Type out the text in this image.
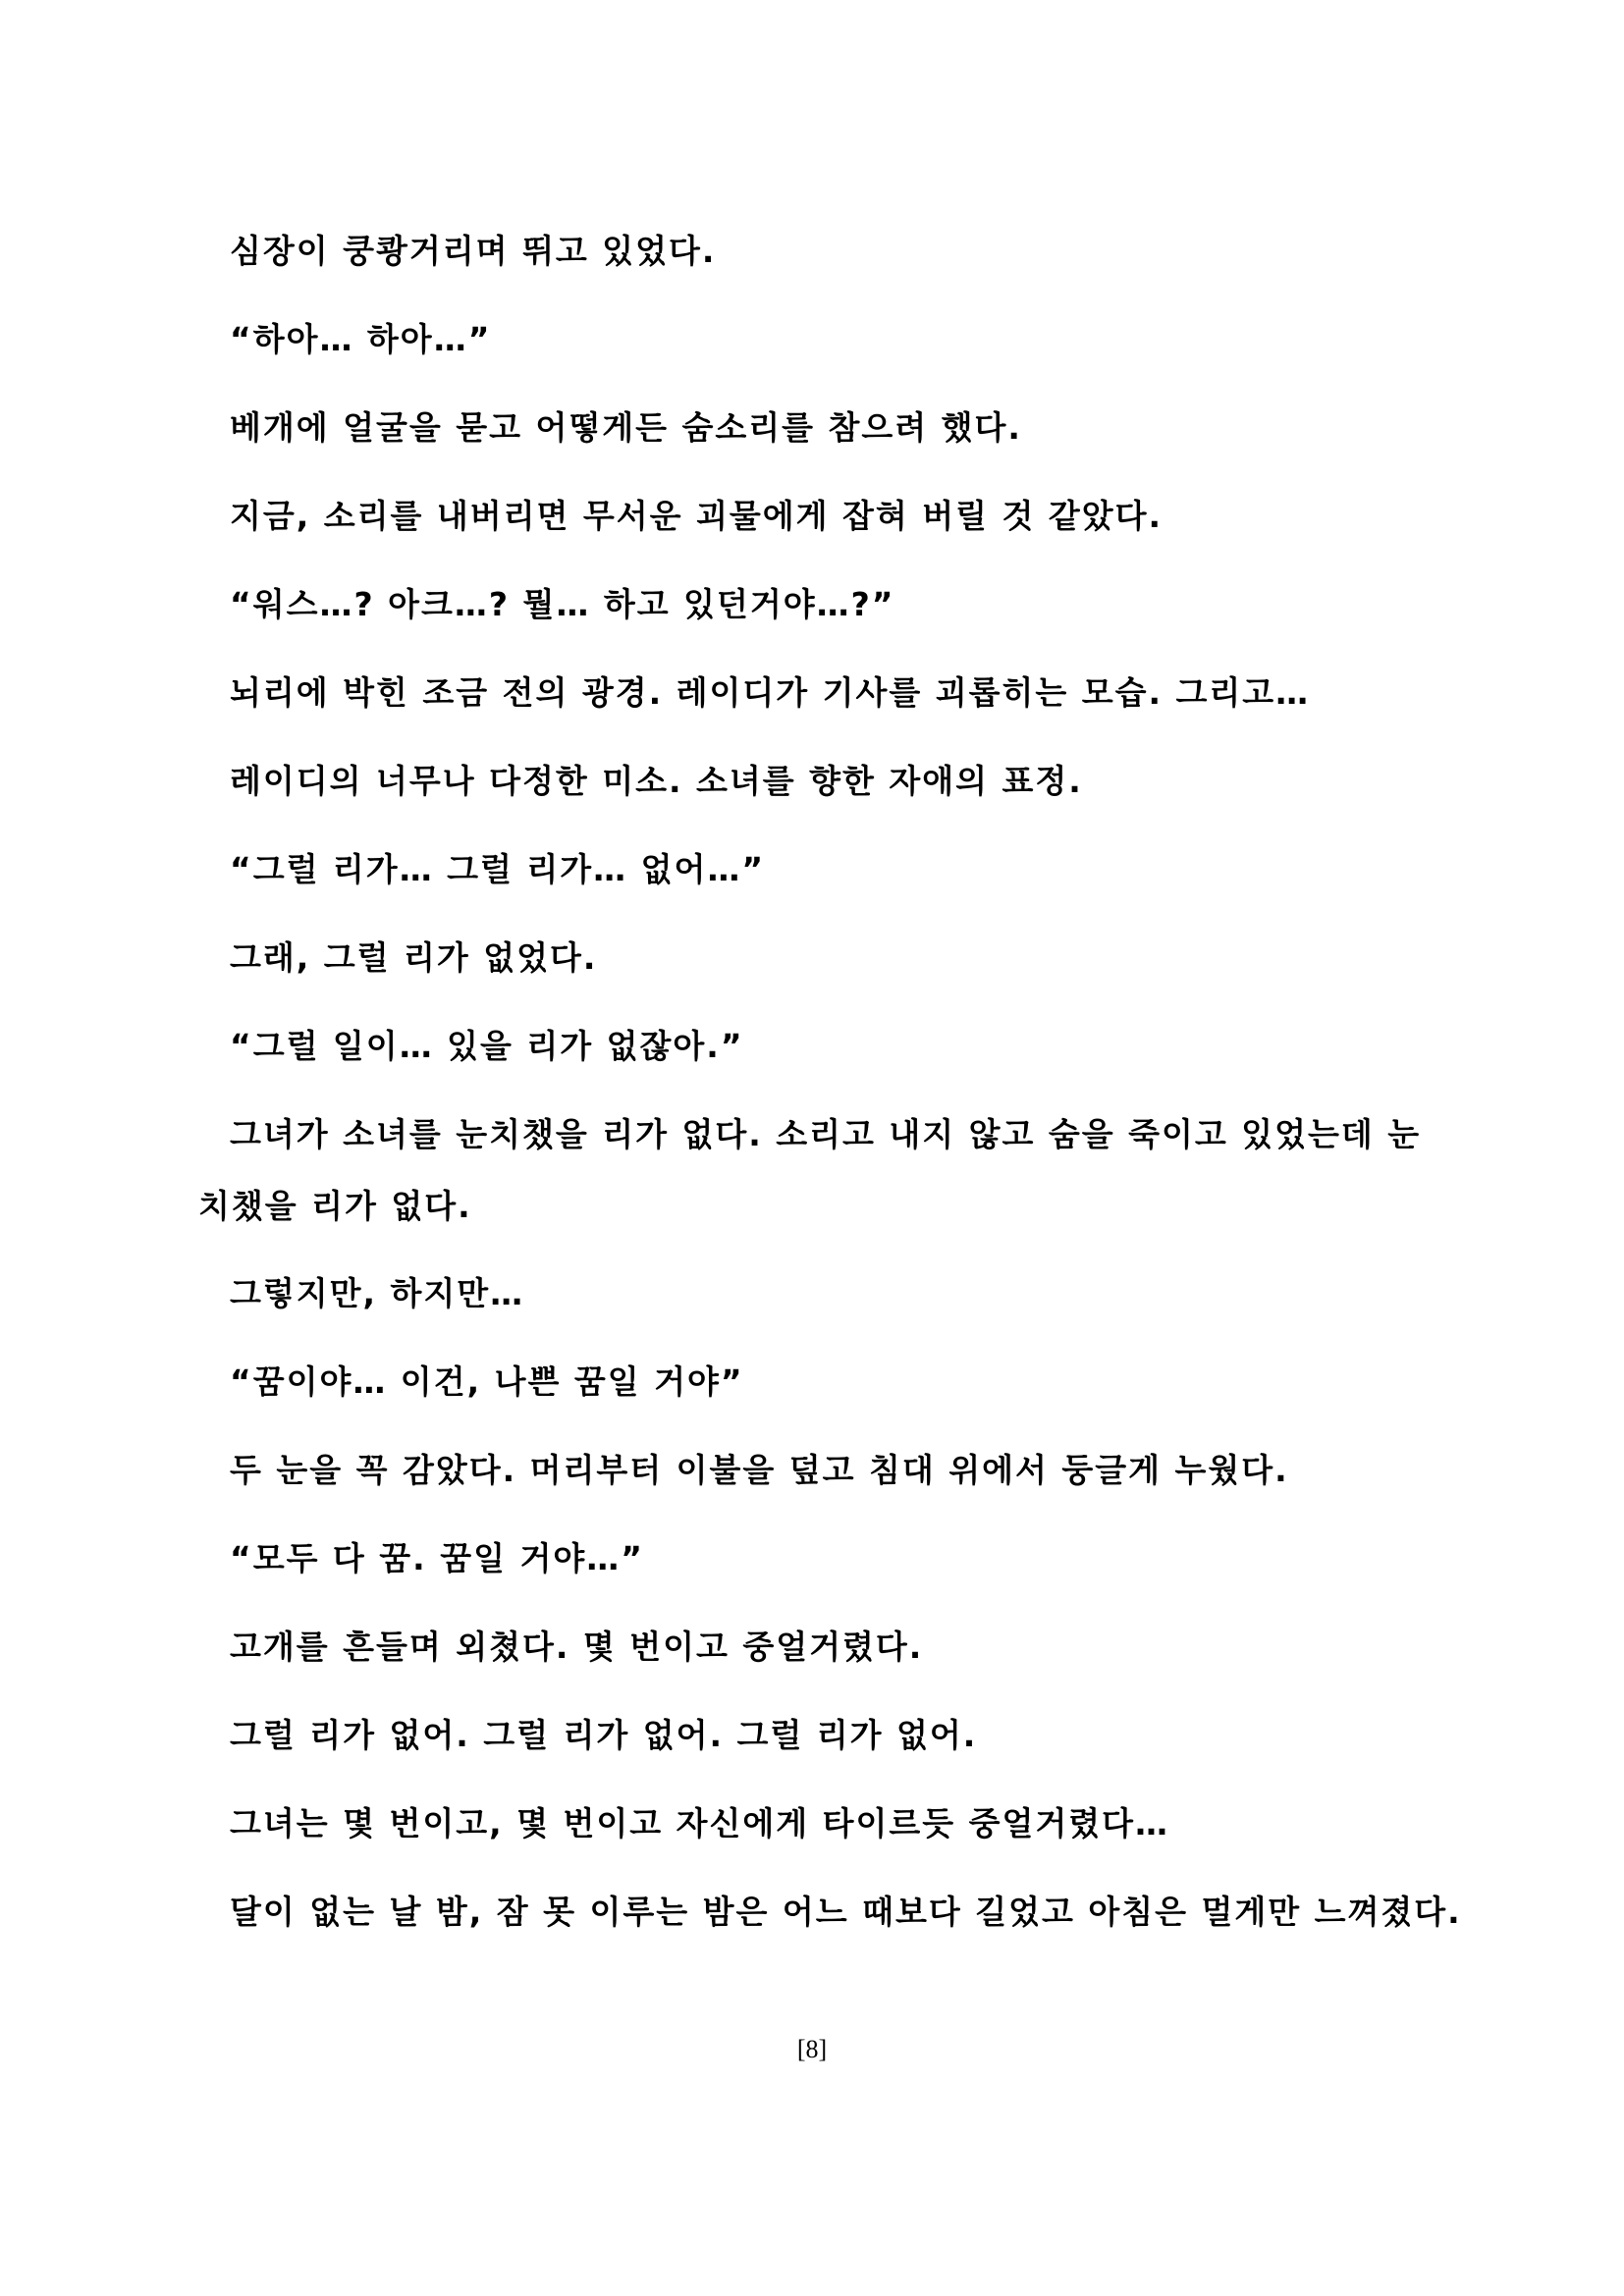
심장이 쿵쾅거리며 뛰고 있었다.

“하아… 하아…”

베개에 얼굴을 묻고 어떻게든 숨소리를 참으려 했다.

지금, 소리를 내버리면 무서운 괴물에게 잡혀 버릴 것 같았다.

“워스…? 아크…? 뭘… 하고 있던거야…?”

뇌리에 박힌 조금 전의 광경. 레이디가 기사를 괴롭히는 모습. 그리고…

레이디의 너무나 다정한 미소. 소녀를 향한 자애의 표정.

“그럴 리가… 그럴 리가… 없어…”

그래, 그럴 리가 없었다.

“그럴 일이… 있을 리가 없잖아.”

그녀가 소녀를 눈치챘을 리가 없다. 소리고 내지 않고 숨을 죽이고 있었는데 눈치챘을 리가 없다.

그렇지만, 하지만…

“꿈이야… 이건, 나쁜 꿈일 거야”

두 눈을 꼭 감았다. 머리부터 이불을 덮고 침대 위에서 둥글게 누웠다.

“모두 다 꿈. 꿈일 거야…”

고개를 흔들며 외쳤다. 몇 번이고 중얼거렸다.

그럴 리가 없어. 그럴 리가 없어. 그럴 리가 없어.

그녀는 몇 번이고, 몇 번이고 자신에게 타이르듯 중얼거렸다…

달이 없는 날 밤, 잠 못 이루는 밤은 어느 때보다 길었고 아침은 멀게만 느껴졌다.

[8]
